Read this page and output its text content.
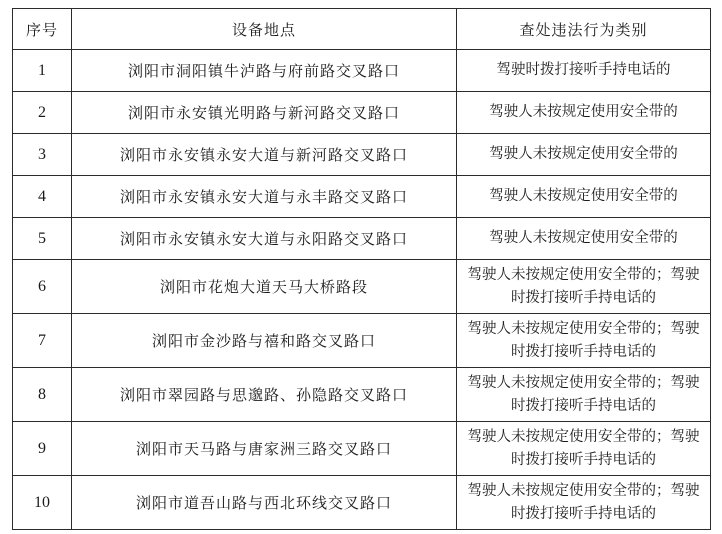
序号	设备地点	查处违法行为类别
1	浏阳市洞阳镇牛泸路与府前路交叉路口	驾驶时拨打接听手持电话的
2	浏阳市永安镇光明路与新河路交叉路口	驾驶人未按规定使用安全带的
3	浏阳市永安镇永安大道与新河路交叉路口	驾驶人未按规定使用安全带的
4	浏阳市永安镇永安大道与永丰路交叉路口	驾驶人未按规定使用安全带的
5	浏阳市永安镇永安大道与永阳路交叉路口	驾驶人未按规定使用安全带的
6	浏阳市花炮大道天马大桥路段	驾驶人未按规定使用安全带的；驾驶时拨打接听手持电话的
7	浏阳市金沙路与禧和路交叉路口	驾驶人未按规定使用安全带的；驾驶时拨打接听手持电话的
8	浏阳市翠园路与思邈路、孙隐路交叉路口	驾驶人未按规定使用安全带的；驾驶时拨打接听手持电话的
9	浏阳市天马路与唐家洲三路交叉路口	驾驶人未按规定使用安全带的；驾驶时拨打接听手持电话的
10	浏阳市道吾山路与西北环线交叉路口	驾驶人未按规定使用安全带的；驾驶时拨打接听手持电话的
